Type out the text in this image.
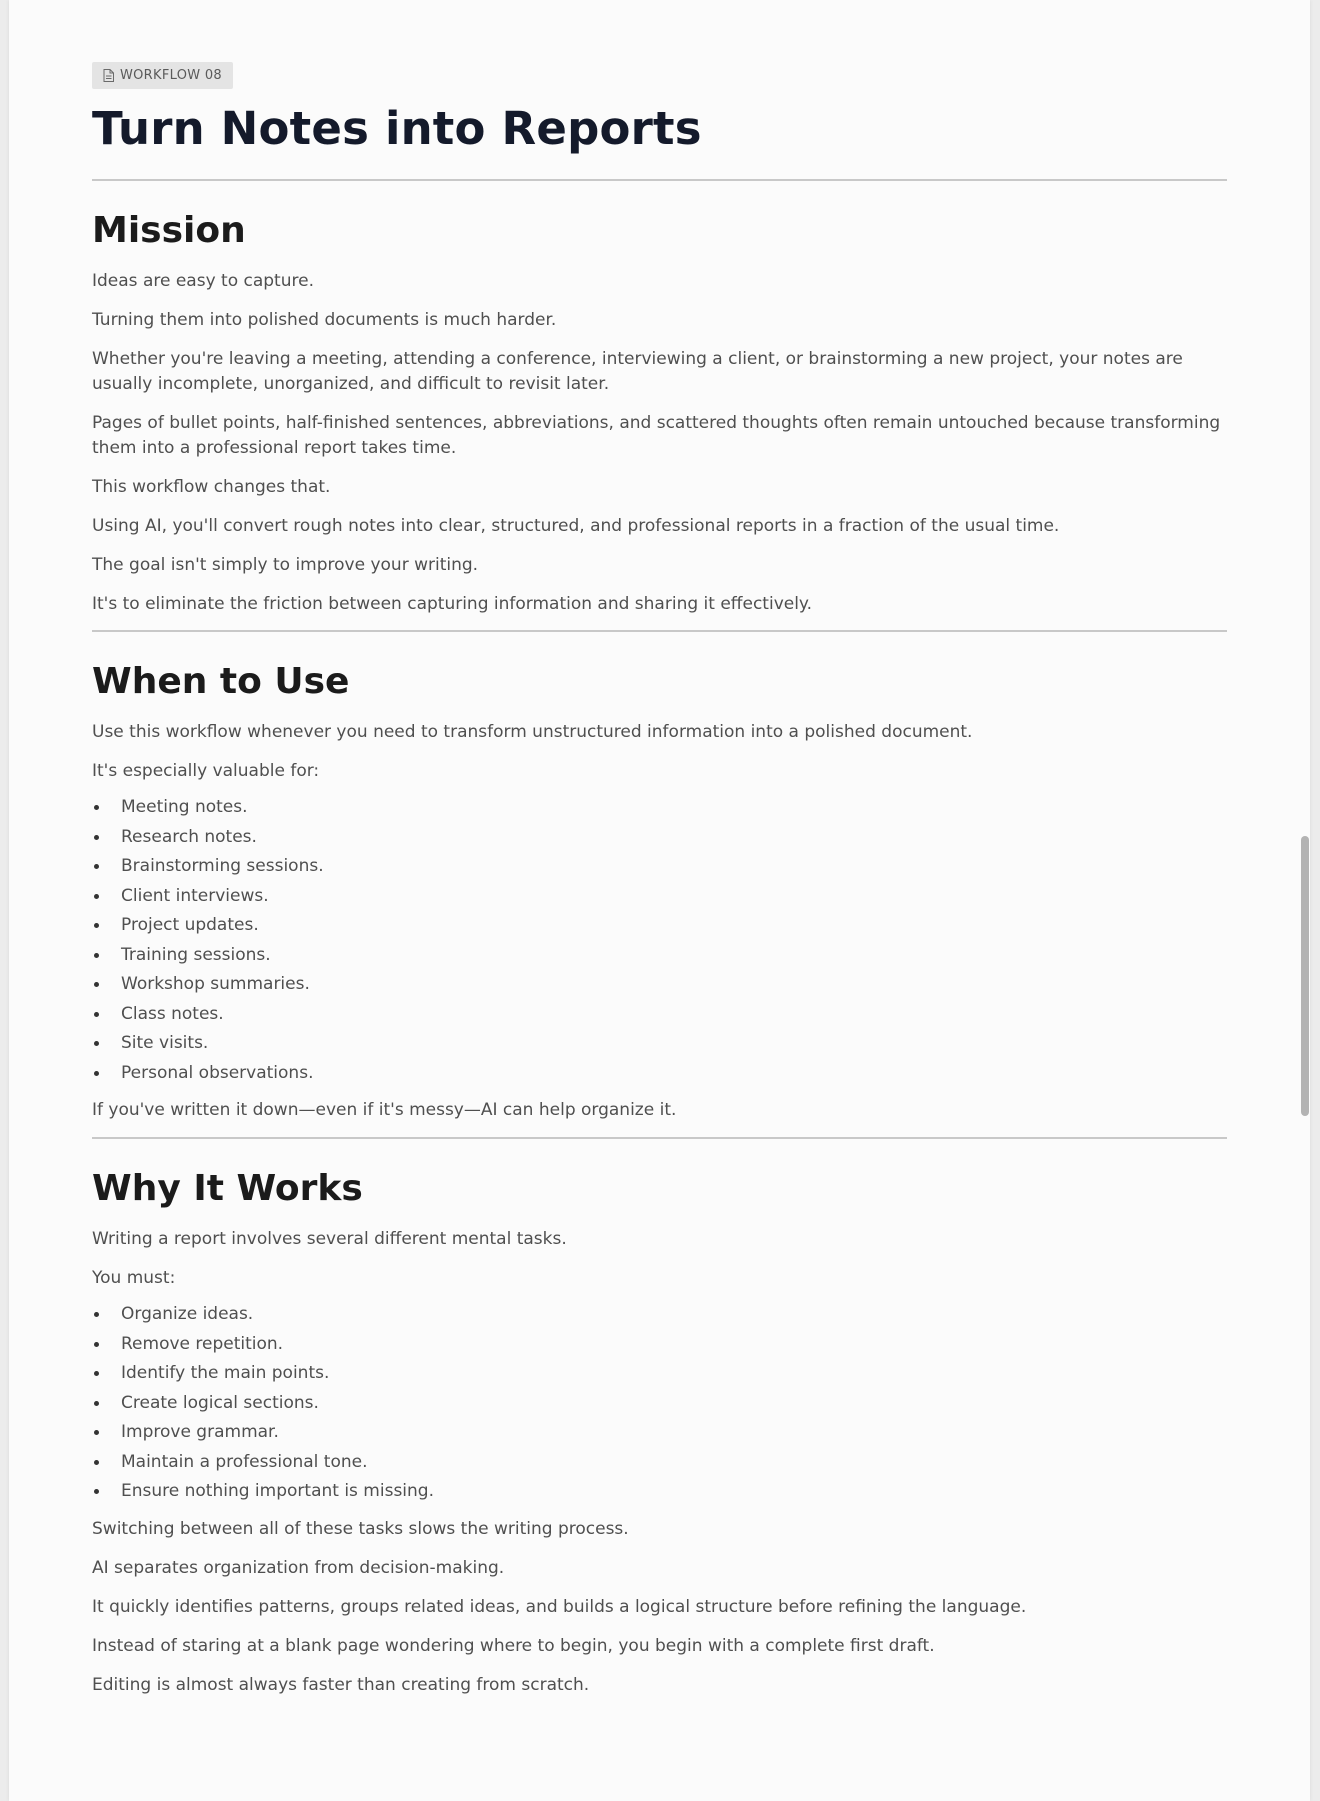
WORKFLOW 08
Turn Notes into Reports
Mission

Ideas are easy to capture.

Turning them into polished documents is much harder.

Whether you're leaving a meeting, attending a conference, interviewing a client, or brainstorming a new project, your notes are usually incomplete, unorganized, and difficult to revisit later.

Pages of bullet points, half-finished sentences, abbreviations, and scattered thoughts often remain untouched because transforming them into a professional report takes time.

This workflow changes that.

Using AI, you'll convert rough notes into clear, structured, and professional reports in a fraction of the usual time.

The goal isn't simply to improve your writing.

It's to eliminate the friction between capturing information and sharing it effectively.

When to Use

Use this workflow whenever you need to transform unstructured information into a polished document.

It's especially valuable for:

Meeting notes.
Research notes.
Brainstorming sessions.
Client interviews.
Project updates.
Training sessions.
Workshop summaries.
Class notes.
Site visits.
Personal observations.

If you've written it down—even if it's messy—AI can help organize it.

Why It Works

Writing a report involves several different mental tasks.

You must:

Organize ideas.
Remove repetition.
Identify the main points.
Create logical sections.
Improve grammar.
Maintain a professional tone.
Ensure nothing important is missing.

Switching between all of these tasks slows the writing process.

AI separates organization from decision-making.

It quickly identifies patterns, groups related ideas, and builds a logical structure before refining the language.

Instead of staring at a blank page wondering where to begin, you begin with a complete first draft.

Editing is almost always faster than creating from scratch.
